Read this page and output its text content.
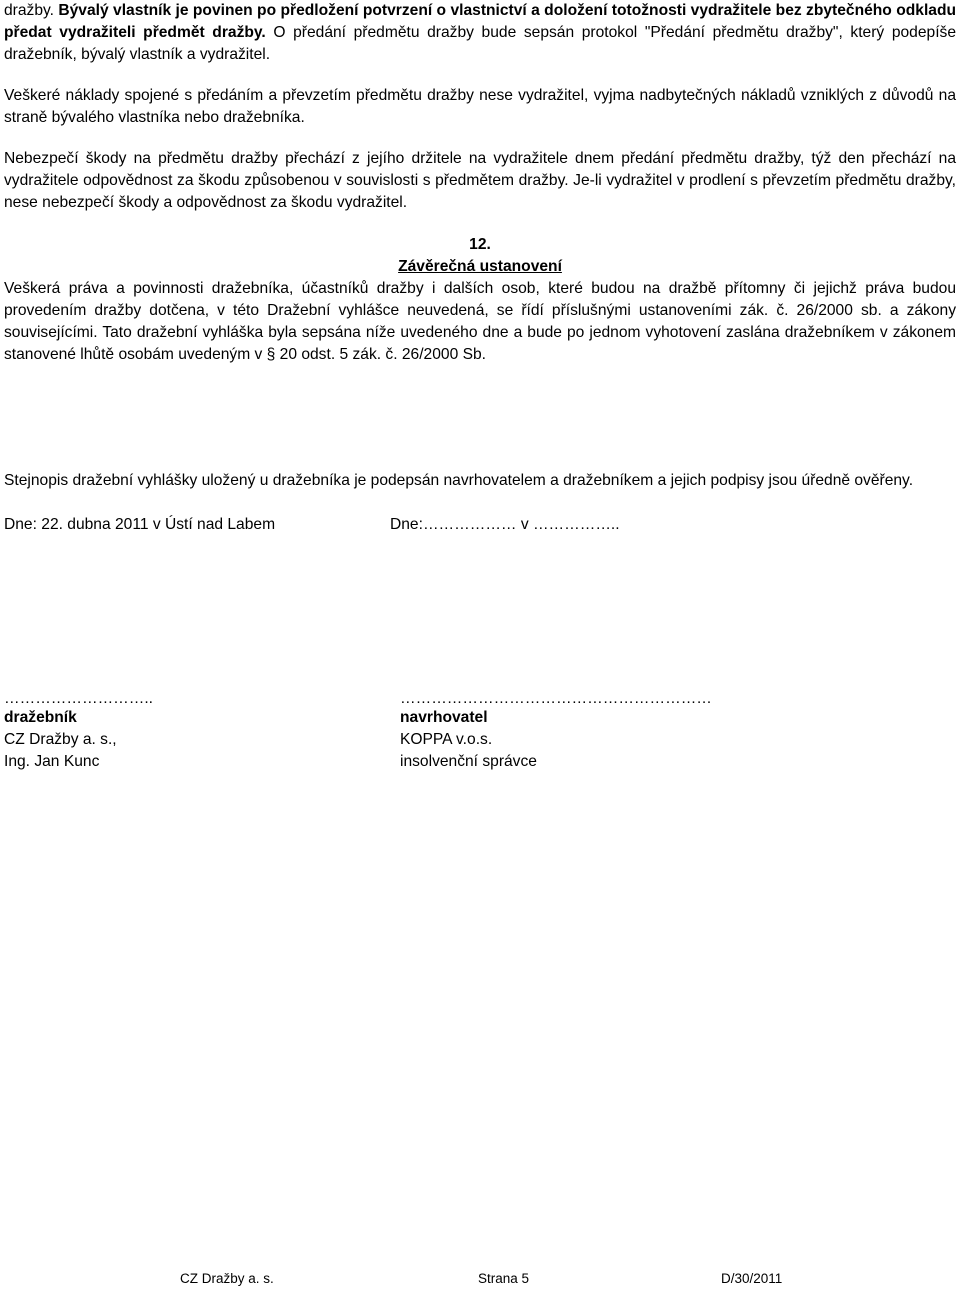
dražby. Bývalý vlastník je povinen po předložení potvrzení o vlastnictví a doložení totožnosti vydražitele bez zbytečného odkladu předat vydražiteli předmět dražby. O předání předmětu dražby bude sepsán protokol "Předání předmětu dražby", který podepíše dražebník, bývalý vlastník a vydražitel.

Veškeré náklady spojené s předáním a převzetím předmětu dražby nese vydražitel, vyjma nadbytečných nákladů vzniklých z důvodů na straně bývalého vlastníka nebo dražebníka.

Nebezpečí škody na předmětu dražby přechází z jejího držitele na vydražitele dnem předání předmětu dražby, týž den přechází na vydražitele odpovědnost za škodu způsobenou v souvislosti s předmětem dražby. Je-li vydražitel v prodlení s převzetím předmětu dražby, nese nebezpečí škody a odpovědnost za škodu vydražitel.

12.
Závěrečná ustanovení

Veškerá práva a povinnosti dražebníka, účastníků dražby i dalších osob, které budou na dražbě přítomny či jejichž práva budou provedením dražby dotčena, v této Dražební vyhlášce neuvedená, se řídí příslušnými ustanoveními zák. č. 26/2000 sb. a zákony souvisejícími. Tato dražební vyhláška byla sepsána níže uvedeného dne a bude po jednom vyhotovení zaslána dražebníkem v zákonem stanovené lhůtě osobám uvedeným v § 20 odst. 5 zák. č. 26/2000 Sb.

Stejnopis dražební vyhlášky uložený u dražebníka je podepsán navrhovatelem a dražebníkem a jejich podpisy jsou úředně ověřeny.

Dne: 22. dubna 2011 v Ústí nad Labem	Dne:……………… v ……………..
………………………..	……………………………………………………
dražebník	navrhovatel
CZ Dražby a. s.,	KOPPA v.o.s.
Ing. Jan Kunc	insolvenční správce
CZ Dražby a. s.	Strana 5	D/30/2011
